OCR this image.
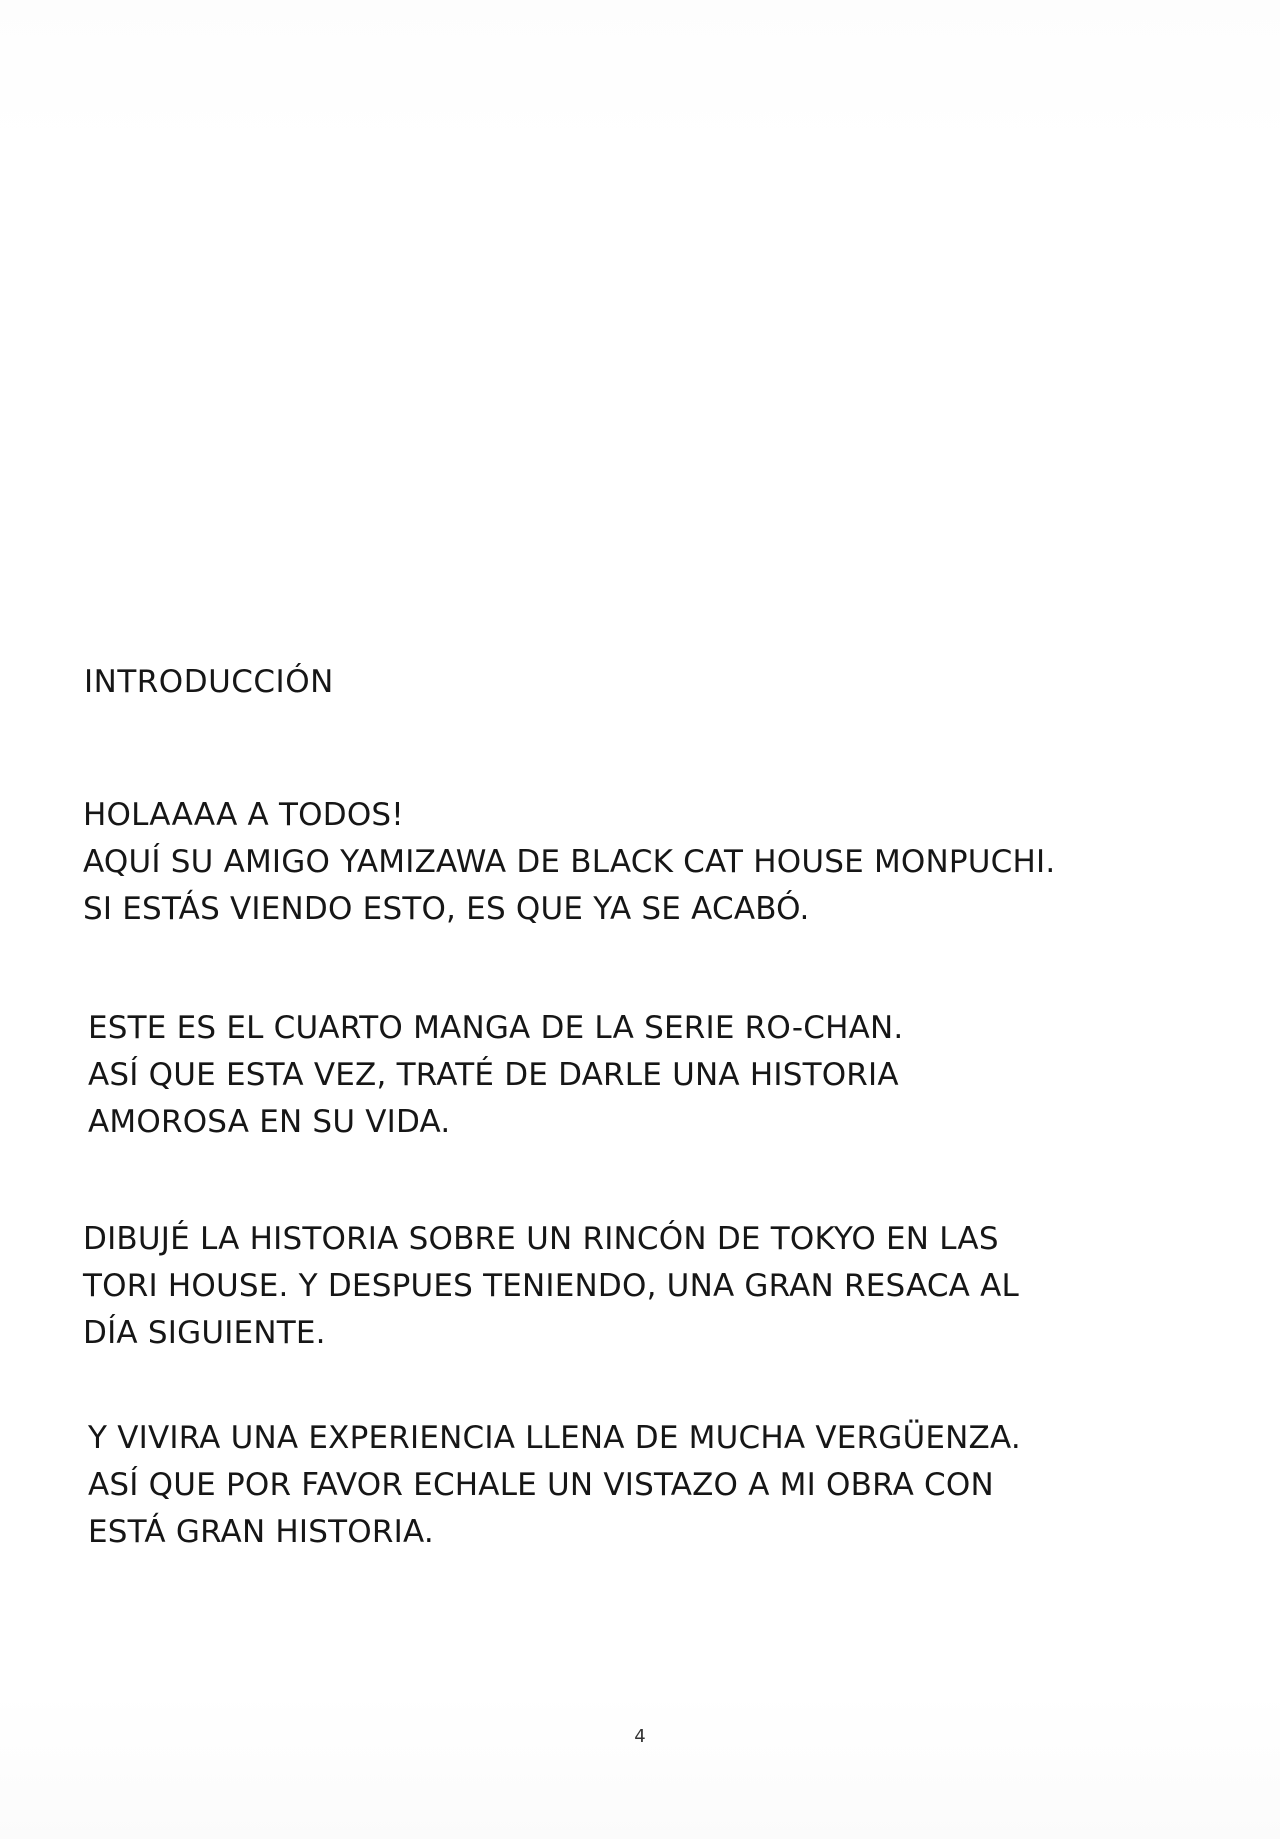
INTRODUCCIÓN
HOLAAAA A TODOS!
AQUÍ SU AMIGO YAMIZAWA DE BLACK CAT HOUSE MONPUCHI.
SI ESTÁS VIENDO ESTO, ES QUE YA SE ACABÓ.
ESTE ES EL CUARTO MANGA DE LA SERIE RO-CHAN.
ASÍ QUE ESTA VEZ, TRATÉ DE DARLE UNA HISTORIA
AMOROSA EN SU VIDA.
DIBUJÉ LA HISTORIA SOBRE UN RINCÓN DE TOKYO EN LAS
TORI HOUSE. Y DESPUES TENIENDO, UNA GRAN RESACA AL
DÍA SIGUIENTE.
Y VIVIRA UNA EXPERIENCIA LLENA DE MUCHA VERGÜENZA.
ASÍ QUE POR FAVOR ECHALE UN VISTAZO A MI OBRA CON
ESTÁ GRAN HISTORIA.
4
